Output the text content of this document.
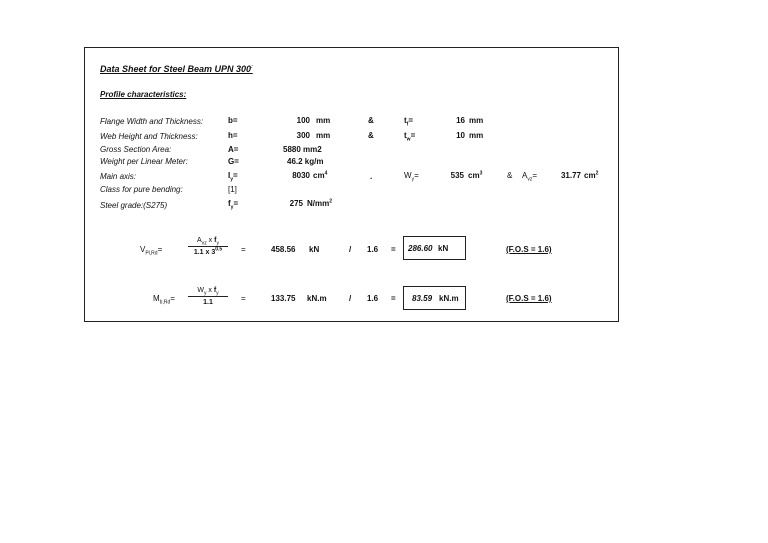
Data Sheet for Steel Beam UPN 300:
Profile characteristics:
Flange Width and Thickness:	b=	100 mm	&	$t_f=$	16 mm
Web Height and Thickness:	h=	300 mm	&	$t_w=$	10 mm
Gross Section Area:	A=	5880 mm2
Weight per Linear Meter:	G=	46.2 kg/m
Main axis:	$I_y=$	8030 $cm^4$	.	$W_y=$	535 $cm^3$	& $A_{vz}=$	31.77 $cm^2$
Class for pure bending:	[1]
Steel grade:(S275)	$f_y=$	275 $N/mm^2$
$V_{Pl,Rd}=$
$A_{vz}$ x $f_y$
1.1 x $3^{0.5}$	=	458.56 kN	/ 1.6 = 286.60 kN	(F.O.S = 1.6)
$M_{b,Rd}=$
$W_y$ x $f_y$
1.1	=	133.75 kN.m	/ 1.6 = 83.59 kN.m	(F.O.S = 1.6)
